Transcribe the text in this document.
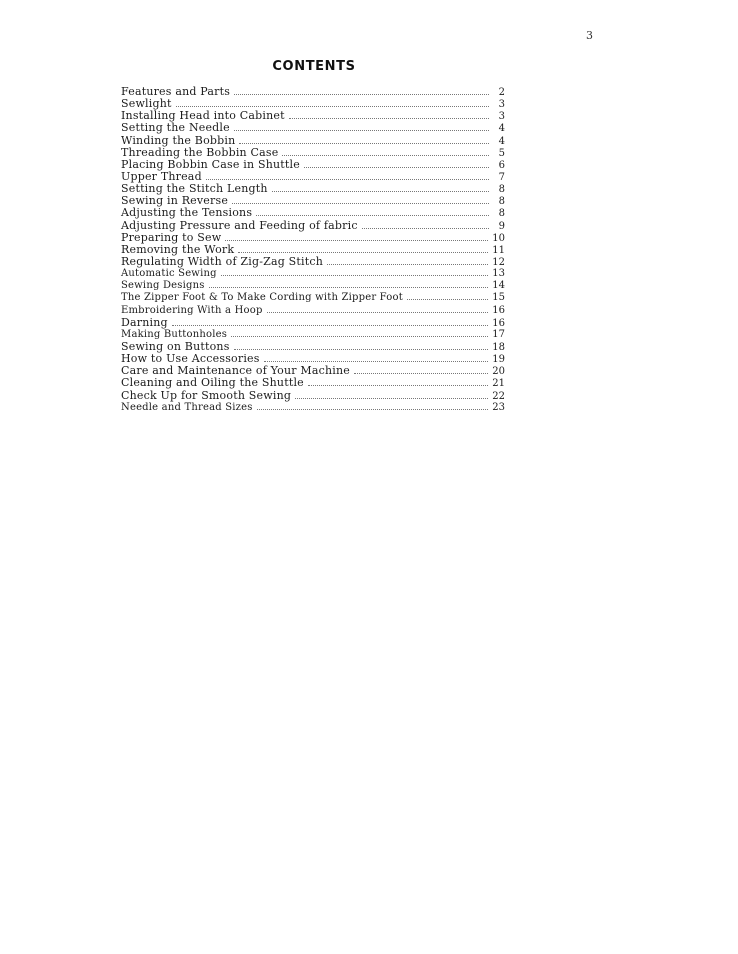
3
CONTENTS
Features and Parts	2
Sewlight	3
Installing Head into Cabinet	3
Setting the Needle	4
Winding the Bobbin	4
Threading the Bobbin Case	5
Placing Bobbin Case in Shuttle	6
Upper Thread	7
Setting the Stitch Length	8
Sewing in Reverse	8
Adjusting the Tensions	8
Adjusting Pressure and Feeding of fabric	9
Preparing to Sew	10
Removing the Work	11
Regulating Width of Zig-Zag Stitch	12
Automatic Sewing	13
Sewing Designs	14
The Zipper Foot & To Make Cording with Zipper Foot	15
Embroidering With a Hoop	16
Darning	16
Making Buttonholes	17
Sewing on Buttons	18
How to Use Accessories	19
Care and Maintenance of Your Machine	20
Cleaning and Oiling the Shuttle	21
Check Up for Smooth Sewing	22
Needle and Thread Sizes	23
